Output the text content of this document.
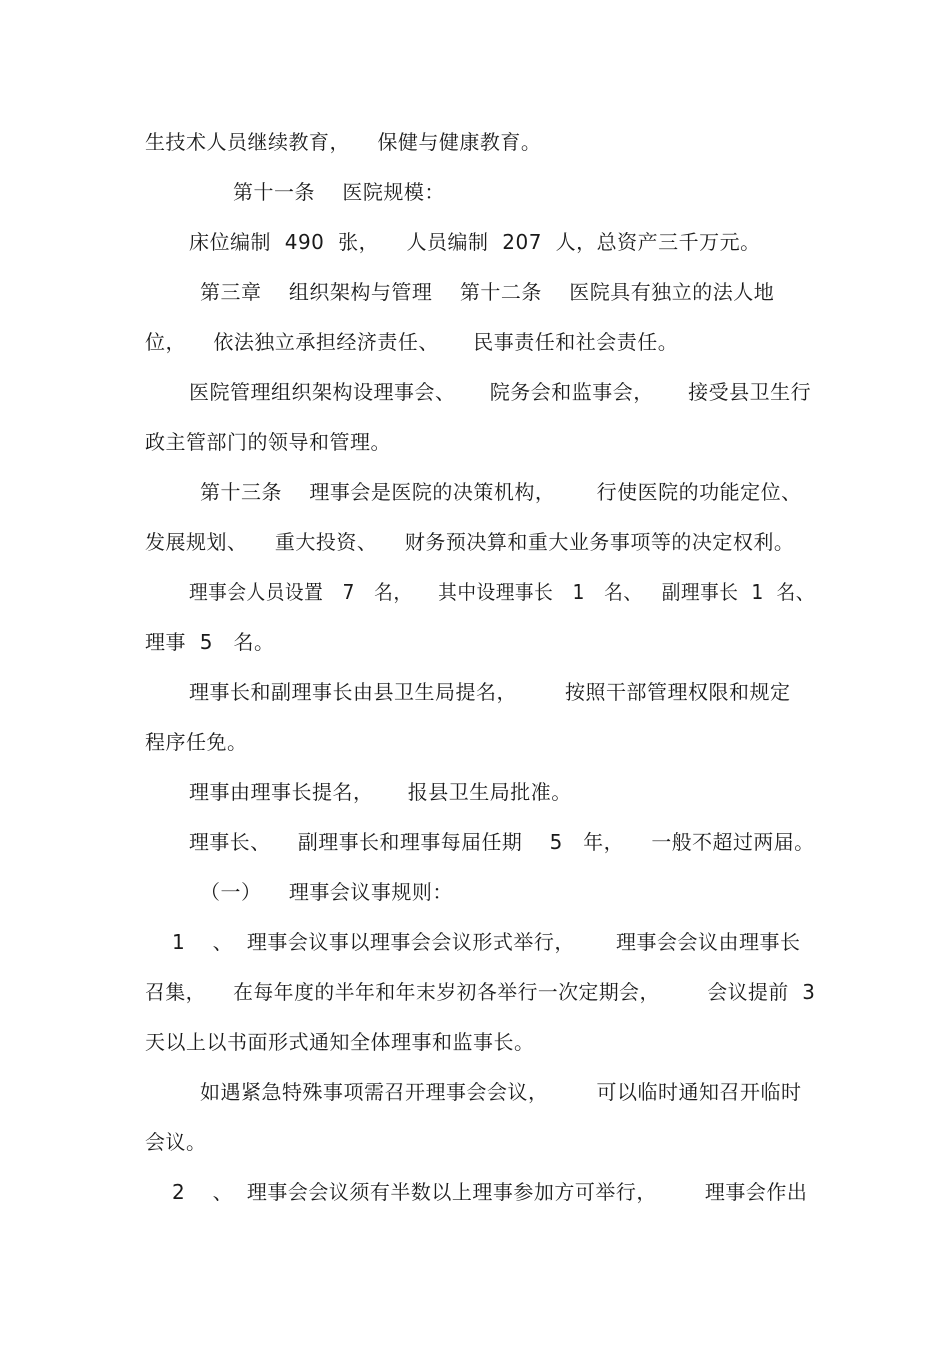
生技术人员继续教育，    保健与健康教育。
第十一条    医院规模：
床位编制  490  张，    人员编制  207  人，总资产三千万元。
第三章    组织架构与管理    第十二条    医院具有独立的法人地
位，    依法独立承担经济责任、     民事责任和社会责任。
医院管理组织架构设理事会、     院务会和监事会，     接受县卫生行
政主管部门的领导和管理。
第十三条    理事会是医院的决策机构，      行使医院的功能定位、
发展规划、    重大投资、    财务预决算和重大业务事项等的决定权利。
理事会人员设置   7   名，    其中设理事长   1   名、   副理事长  1  名、
理事  5   名。
理事长和副理事长由县卫生局提名，       按照干部管理权限和规定
程序任免。
理事由理事长提名，     报县卫生局批准。
理事长、    副理事长和理事每届任期    5   年，    一般不超过两届。
（一）    理事会议事规则：
1    、  理事会议事以理事会会议形式举行，      理事会会议由理事长
召集，    在每年度的半年和年末岁初各举行一次定期会，       会议提前  3
天以上以书面形式通知全体理事和监事长。
如遇紧急特殊事项需召开理事会会议，       可以临时通知召开临时
会议。
2    、  理事会会议须有半数以上理事参加方可举行，       理事会作出
